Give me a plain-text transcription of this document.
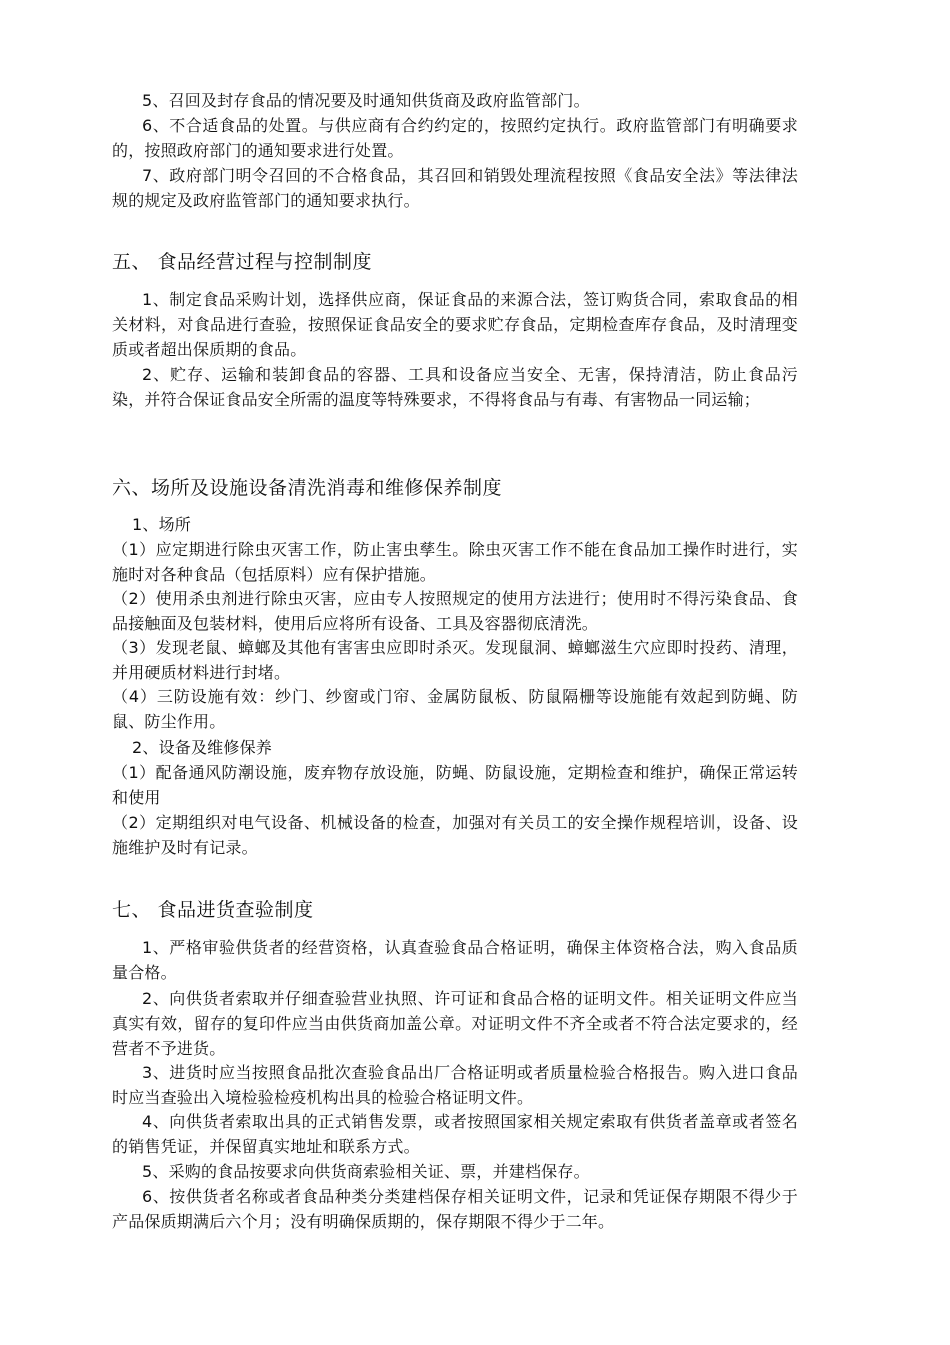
5、召回及封存食品的情况要及时通知供货商及政府监管部门。
6、不合适食品的处置。与供应商有合约约定的，按照约定执行。政府监管部门有明确要求的，按照政府部门的通知要求进行处置。
7、政府部门明令召回的不合格食品，其召回和销毁处理流程按照《食品安全法》等法律法规的规定及政府监管部门的通知要求执行。
五、 食品经营过程与控制制度
1、制定食品采购计划，选择供应商，保证食品的来源合法，签订购货合同，索取食品的相关材料，对食品进行查验，按照保证食品安全的要求贮存食品，定期检查库存食品，及时清理变质或者超出保质期的食品。
2、贮存、运输和装卸食品的容器、工具和设备应当安全、无害，保持清洁，防止食品污染，并符合保证食品安全所需的温度等特殊要求，不得将食品与有毒、有害物品一同运输；
六、场所及设施设备清洗消毒和维修保养制度
1、场所
（1）应定期进行除虫灭害工作，防止害虫孳生。除虫灭害工作不能在食品加工操作时进行，实施时对各种食品（包括原料）应有保护措施。
（2）使用杀虫剂进行除虫灭害，应由专人按照规定的使用方法进行；使用时不得污染食品、食品接触面及包装材料，使用后应将所有设备、工具及容器彻底清洗。
（3）发现老鼠、蟑螂及其他有害害虫应即时杀灭。发现鼠洞、蟑螂滋生穴应即时投药、清理，并用硬质材料进行封堵。
（4）三防设施有效：纱门、纱窗或门帘、金属防鼠板、防鼠隔栅等设施能有效起到防蝇、防鼠、防尘作用。
2、设备及维修保养
（1）配备通风防潮设施，废弃物存放设施，防蝇、防鼠设施，定期检查和维护，确保正常运转和使用
（2）定期组织对电气设备、机械设备的检查，加强对有关员工的安全操作规程培训，设备、设施维护及时有记录。
七、 食品进货查验制度
1、严格审验供货者的经营资格，认真查验食品合格证明，确保主体资格合法，购入食品质量合格。
2、向供货者索取并仔细查验营业执照、许可证和食品合格的证明文件。相关证明文件应当真实有效，留存的复印件应当由供货商加盖公章。对证明文件不齐全或者不符合法定要求的，经营者不予进货。
3、进货时应当按照食品批次查验食品出厂合格证明或者质量检验合格报告。购入进口食品时应当查验出入境检验检疫机构出具的检验合格证明文件。
4、向供货者索取出具的正式销售发票，或者按照国家相关规定索取有供货者盖章或者签名的销售凭证，并保留真实地址和联系方式。
5、采购的食品按要求向供货商索验相关证、票，并建档保存。
6、按供货者名称或者食品种类分类建档保存相关证明文件，记录和凭证保存期限不得少于产品保质期满后六个月；没有明确保质期的，保存期限不得少于二年。
